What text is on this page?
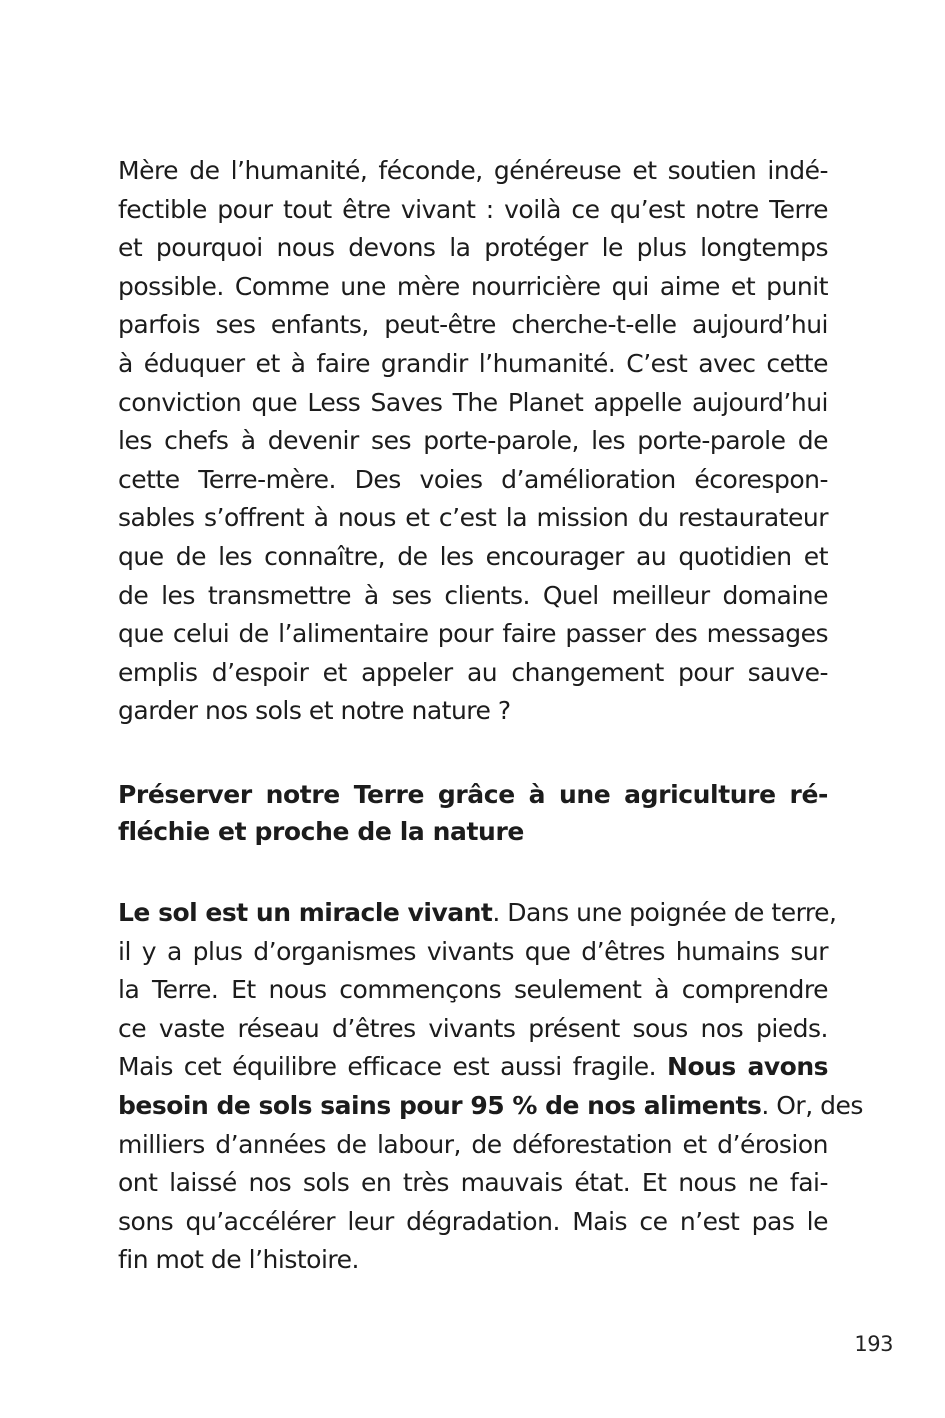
Mère de l’humanité, féconde, généreuse et soutien indé-
fectible pour tout être vivant : voilà ce qu’est notre Terre
et pourquoi nous devons la protéger le plus longtemps
possible. Comme une mère nourricière qui aime et punit
parfois ses enfants, peut-être cherche-t-elle aujourd’hui
à éduquer et à faire grandir l’humanité. C’est avec cette
conviction que Less Saves The Planet appelle aujourd’hui
les chefs à devenir ses porte-parole, les porte-parole de
cette Terre-mère. Des voies d’amélioration écorespon-
sables s’offrent à nous et c’est la mission du restaurateur
que de les connaître, de les encourager au quotidien et
de les transmettre à ses clients. Quel meilleur domaine
que celui de l’alimentaire pour faire passer des messages
emplis d’espoir et appeler au changement pour sauve-
garder nos sols et notre nature ?
Préserver notre Terre grâce à une agriculture ré-
fléchie et proche de la nature
Le sol est un miracle vivant. Dans une poignée de terre,
il y a plus d’organismes vivants que d’êtres humains sur
la Terre. Et nous commençons seulement à comprendre
ce vaste réseau d’êtres vivants présent sous nos pieds.
Mais cet équilibre efficace est aussi fragile. Nous avons
besoin de sols sains pour 95 % de nos aliments. Or, des
milliers d’années de labour, de déforestation et d’érosion
ont laissé nos sols en très mauvais état. Et nous ne fai-
sons qu’accélérer leur dégradation. Mais ce n’est pas le
fin mot de l’histoire.
193
